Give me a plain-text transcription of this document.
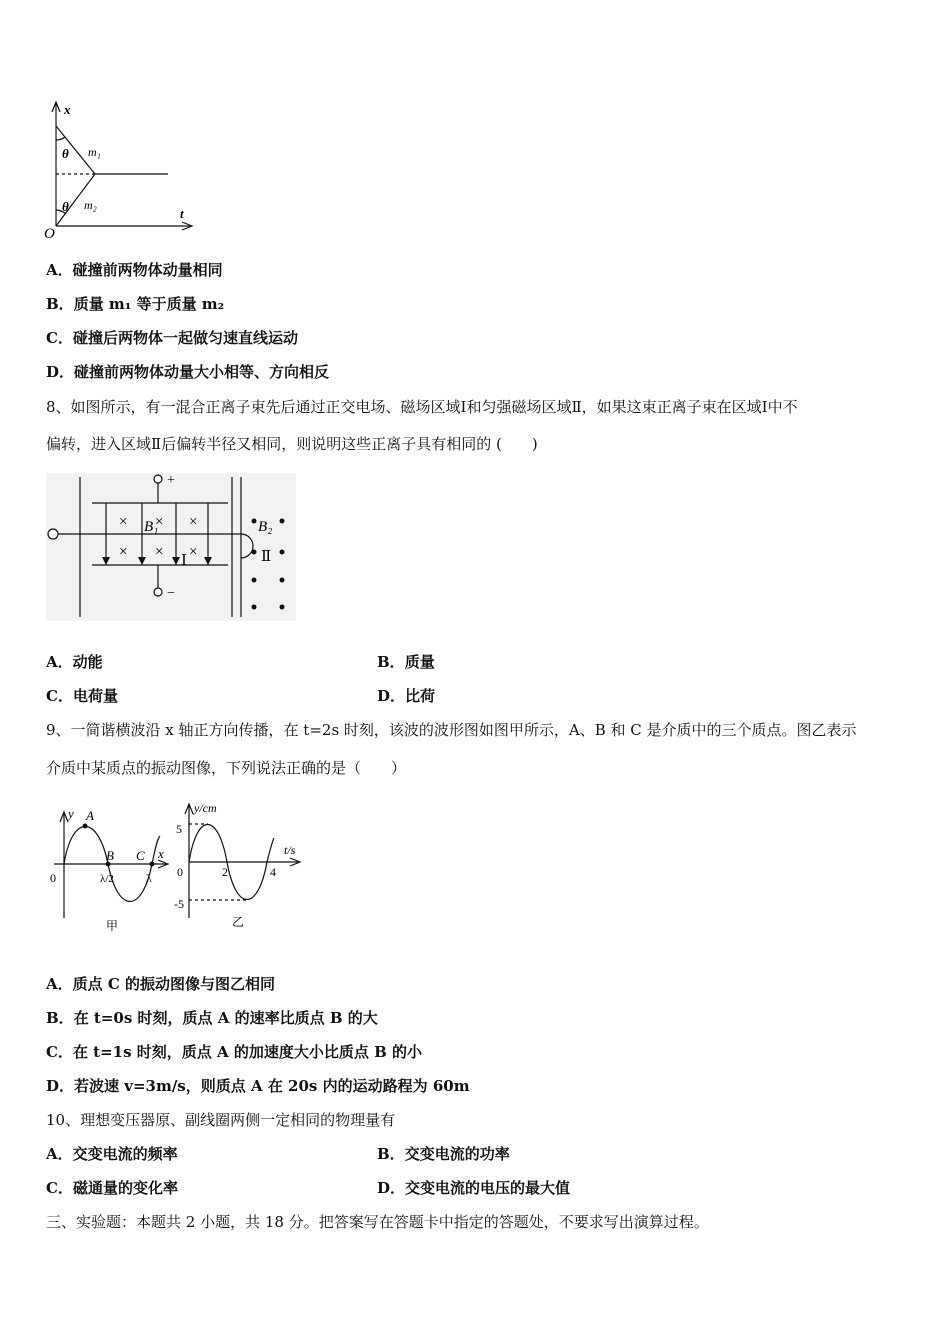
x
t
O
θ
θ
m₁
m₂
A．碰撞前两物体动量相同
B．质量 m₁ 等于质量 m₂
C．碰撞后两物体一起做匀速直线运动
D．碰撞前两物体动量大小相等、方向相反
8、如图所示，有一混合正离子束先后通过正交电场、磁场区域Ⅰ和匀强磁场区域Ⅱ，如果这束正离子束在区域Ⅰ中不
偏转，进入区域Ⅱ后偏转半径又相同，则说明这些正离子具有相同的 (　　)
× × ×
× × ×
+
−
B₁	B₂
Ⅰ	Ⅱ
A．动能	B．质量
C．电荷量	D．比荷
9、一简谐横波沿 x 轴正方向传播，在 t=2s 时刻，该波的波形图如图甲所示，A、B 和 C 是介质中的三个质点。图乙表示
介质中某质点的振动图像，下列说法正确的是（　　）
y A
B C x
0	λ/2	λ
甲
y/cm
t/s
5
-5
0	2	4
乙
A．质点 C 的振动图像与图乙相同
B．在 t=0s 时刻，质点 A 的速率比质点 B 的大
C．在 t=1s 时刻，质点 A 的加速度大小比质点 B 的小
D．若波速 v=3m/s，则质点 A 在 20s 内的运动路程为 60m
10、理想变压器原、副线圈两侧一定相同的物理量有
A．交变电流的频率	B．交变电流的功率
C．磁通量的变化率	D．交变电流的电压的最大值
三、实验题：本题共 2 小题，共 18 分。把答案写在答题卡中指定的答题处，不要求写出演算过程。
